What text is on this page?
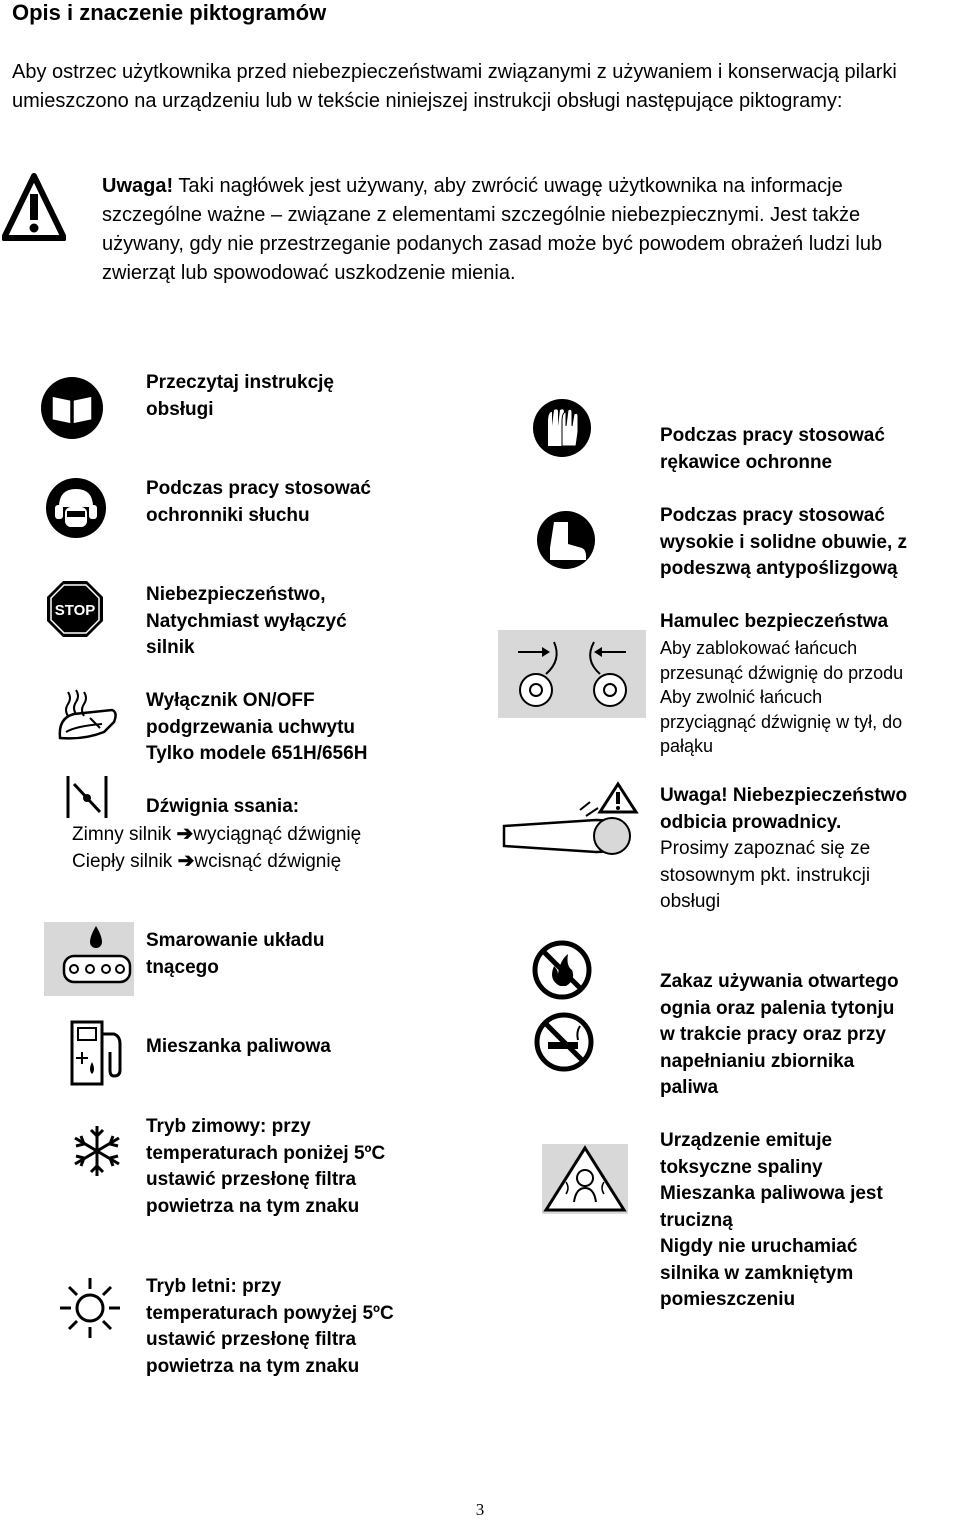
Opis i znaczenie piktogramów
Aby ostrzec użytkownika przed niebezpieczeństwami związanymi z używaniem i konserwacją pilarki umieszczono na urządzeniu lub w tekście niniejszej instrukcji obsługi następujące piktogramy:
Uwaga! Taki nagłówek jest używany, aby zwrócić uwagę użytkownika na informacje szczególne ważne – związane z elementami szczególnie niebezpiecznymi. Jest także używany, gdy nie przestrzeganie podanych zasad może być powodem obrażeń ludzi lub zwierząt lub spowodować uszkodzenie mienia.
Przeczytaj instrukcję
obsługi
Podczas pracy stosować
ochronniki słuchu
STOP
Niebezpieczeństwo,
Natychmiast wyłączyć
silnik
Wyłącznik ON/OFF
podgrzewania uchwytu
Tylko modele 651H/656H
Dźwignia ssania:
Zimny silnik ➔wyciągnąć dźwignię
Ciepły silnik ➔wcisnąć dźwignię
Smarowanie układu
tnącego
Mieszanka paliwowa
Tryb zimowy: przy
temperaturach poniżej 5ºC
ustawić przesłonę filtra
powietrza na tym znaku
Tryb letni: przy
temperaturach powyżej 5ºC
ustawić przesłonę filtra
powietrza na tym znaku
Podczas pracy stosować
rękawice ochronne
Podczas pracy stosować
wysokie i solidne obuwie, z
podeszwą antypoślizgową
Hamulec bezpieczeństwa
Aby zablokować łańcuch
przesunąć dźwignię do przodu
Aby zwolnić łańcuch
przyciągnąć dźwignię w tył, do
pałąku
Uwaga! Niebezpieczeństwo
odbicia prowadnicy.
Prosimy zapoznać się ze
stosownym pkt. instrukcji
obsługi
Zakaz używania otwartego
ognia oraz palenia tytonju
w trakcie pracy oraz przy
napełnianiu zbiornika
paliwa
Urządzenie emituje
toksyczne spaliny
Mieszanka paliwowa jest
trucizną
Nigdy nie uruchamiać
silnika w zamkniętym
pomieszczeniu
3
